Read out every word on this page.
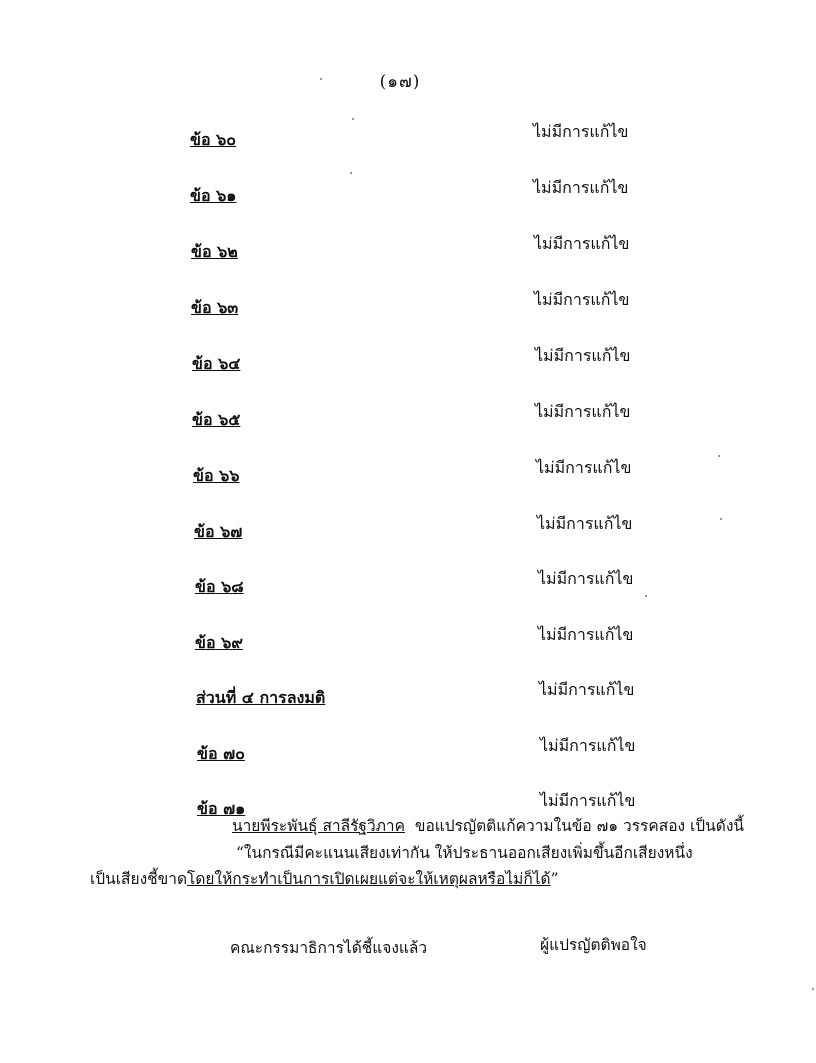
(๑๗)
ข้อ ๖๐	ไม่มีการแก้ไข
ข้อ ๖๑	ไม่มีการแก้ไข
ข้อ ๖๒	ไม่มีการแก้ไข
ข้อ ๖๓	ไม่มีการแก้ไข
ข้อ ๖๔	ไม่มีการแก้ไข
ข้อ ๖๕	ไม่มีการแก้ไข
ข้อ ๖๖	ไม่มีการแก้ไข
ข้อ ๖๗	ไม่มีการแก้ไข
ข้อ ๖๘	ไม่มีการแก้ไข
ข้อ ๖๙	ไม่มีการแก้ไข
ส่วนที่ ๔ การลงมติ	ไม่มีการแก้ไข
ข้อ ๗๐	ไม่มีการแก้ไข
ข้อ ๗๑	ไม่มีการแก้ไข
นายพีระพันธุ์ สาลีรัฐวิภาค ขอแปรญัตติแก้ความในข้อ ๗๑ วรรคสอง เป็นดังนี้
“ในกรณีมีคะแนนเสียงเท่ากัน ให้ประธานออกเสียงเพิ่มขึ้นอีกเสียงหนึ่ง
เป็นเสียงชี้ขาดโดยให้กระทำเป็นการเปิดเผยแต่จะให้เหตุผลหรือไม่ก็ได้”
คณะกรรมาธิการได้ชี้แจงแล้ว	ผู้แปรญัตติพอใจ
